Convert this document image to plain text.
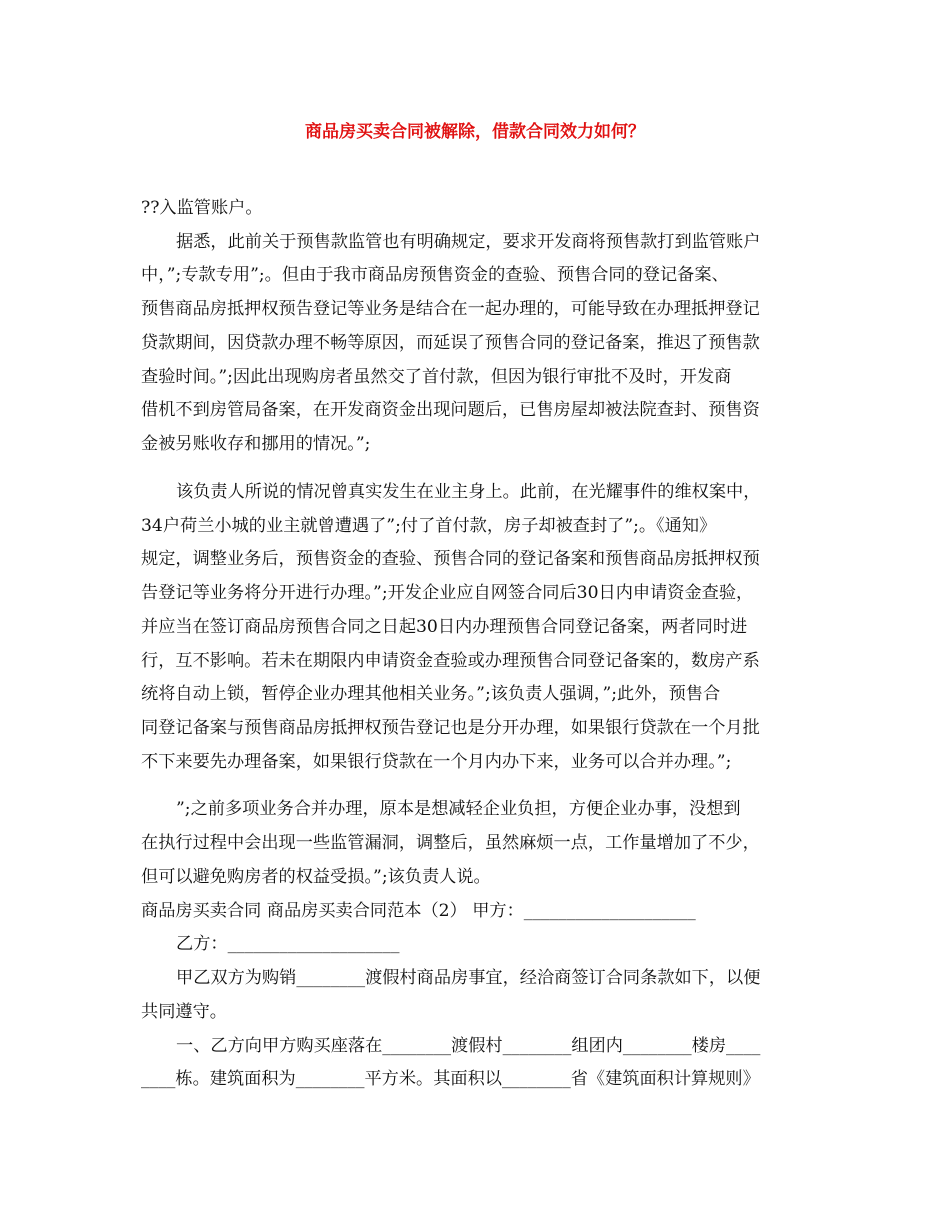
商品房买卖合同被解除，借款合同效力如何？
??入监管账户。
据悉，此前关于预售款监管也有明确规定，要求开发商将预售款打到监管账户
中，”;专款专用”;。但由于我市商品房预售资金的查验、预售合同的登记备案、
预售商品房抵押权预告登记等业务是结合在一起办理的，可能导致在办理抵押登记
贷款期间，因贷款办理不畅等原因，而延误了预售合同的登记备案，推迟了预售款
查验时间。”;因此出现购房者虽然交了首付款，但因为银行审批不及时，开发商
借机不到房管局备案，在开发商资金出现问题后，已售房屋却被法院查封、预售资
金被另账收存和挪用的情况。”;
该负责人所说的情况曾真实发生在业主身上。此前，在光耀事件的维权案中，
34户荷兰小城的业主就曾遭遇了”;付了首付款，房子却被查封了”;。《通知》
规定，调整业务后，预售资金的查验、预售合同的登记备案和预售商品房抵押权预
告登记等业务将分开进行办理。”;开发企业应自网签合同后30日内申请资金查验，
并应当在签订商品房预售合同之日起30日内办理预售合同登记备案，两者同时进
行，互不影响。若未在期限内申请资金查验或办理预售合同登记备案的，数房产系
统将自动上锁，暂停企业办理其他相关业务。”;该负责人强调，”;此外，预售合
同登记备案与预售商品房抵押权预告登记也是分开办理，如果银行贷款在一个月批
不下来要先办理备案，如果银行贷款在一个月内办下来，业务可以合并办理。”;
”;之前多项业务合并办理，原本是想减轻企业负担，方便企业办事，没想到
在执行过程中会出现一些监管漏洞，调整后，虽然麻烦一点，工作量增加了不少，
但可以避免购房者的权益受损。”;该负责人说。
商品房买卖合同 商品房买卖合同范本（2） 甲方：____________________
乙方：____________________
甲乙双方为购销________渡假村商品房事宜，经洽商签订合同条款如下，以便
共同遵守。
一、乙方向甲方购买座落在________渡假村________组团内________楼房____
____栋。建筑面积为________平方米。其面积以________省《建筑面积计算规则》
